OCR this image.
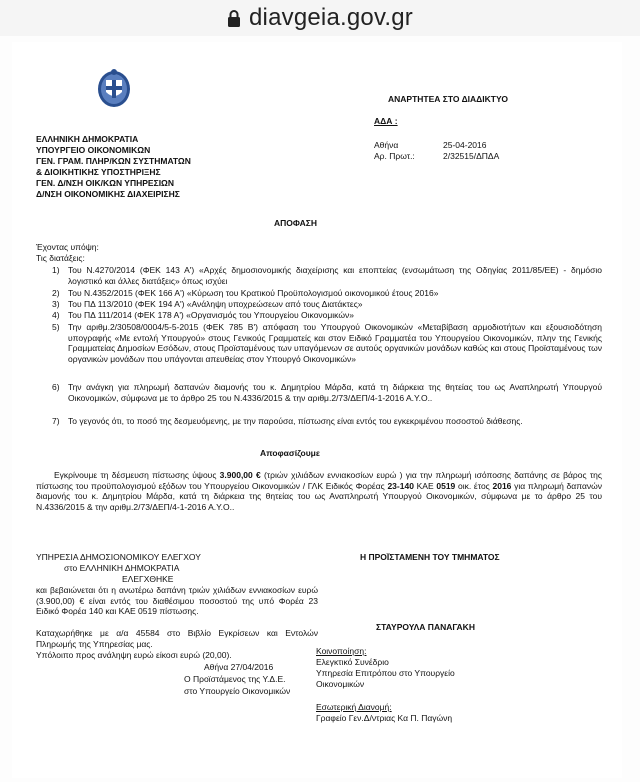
diavgeia.gov.gr
ΕΛΛΗΝΙΚΗ ΔΗΜΟΚΡΑΤΙΑ
ΥΠΟΥΡΓΕΙΟ ΟΙΚΟΝΟΜΙΚΩΝ
ΓΕΝ. ΓΡΑΜ. ΠΛΗΡ/ΚΩΝ ΣΥΣΤΗΜΑΤΩΝ
& ΔΙΟΙΚΗΤΙΚΗΣ ΥΠΟΣΤΗΡΙΞΗΣ
ΓΕΝ. Δ/ΝΣΗ ΟΙΚ/ΚΩΝ ΥΠΗΡΕΣΙΩΝ
Δ/ΝΣΗ ΟΙΚΟΝΟΜΙΚΗΣ ΔΙΑΧΕΙΡΙΣΗΣ
ΑΝΑΡΤΗΤΕΑ ΣΤΟ ΔΙΑΔΙΚΤΥΟ
ΑΔΑ :
Αθήνα	25-04-2016
Αρ. Πρωτ.:	2/32515/ΔΠΔΑ
ΑΠΟΦΑΣΗ
Έχοντας υπόψη:
Τις διατάξεις:
1) Του Ν.4270/2014 (ΦΕΚ 143 Α') «Αρχές δημοσιονομικής διαχείρισης και εποπτείας (ενσωμάτωση της Οδηγίας 2011/85/ΕΕ) - δημόσιο λογιστικό και άλλες διατάξεις» όπως ισχύει
2) Του Ν.4352/2015 (ΦΕΚ 166 Α') «Κύρωση του Κρατικού Προϋπολογισμού οικονομικού έτους 2016»
3) Του ΠΔ 113/2010 (ΦΕΚ 194 Α') «Ανάληψη υποχρεώσεων από τους Διατάκτες»
4) Του ΠΔ 111/2014 (ΦΕΚ 178 Α') «Οργανισμός του Υπουργείου Οικονομικών»
5) Την αριθμ.2/30508/0004/5-5-2015 (ΦΕΚ 785 Β') απόφαση του Υπουργού Οικονομικών «Μεταβίβαση αρμοδιοτήτων και εξουσιοδότηση υπογραφής «Με εντολή Υπουργού» στους Γενικούς Γραμματείς και στον Ειδικό Γραμματέα του Υπουργείου Οικονομικών, πλην της Γενικής Γραμματείας Δημοσίων Εσόδων, στους Προϊσταμένους των υπαγόμενων σε αυτούς οργανικών μονάδων καθώς και στους Προϊσταμένους των οργανικών μονάδων που υπάγονται απευθείας στον Υπουργό Οικονομικών»
6) Την ανάγκη για πληρωμή δαπανών διαμονής του κ. Δημητρίου Μάρδα, κατά τη διάρκεια της θητείας του ως Αναπληρωτή Υπουργού Οικονομικών, σύμφωνα με το άρθρο 25 του Ν.4336/2015 & την αριθμ.2/73/ΔΕΠ/4-1-2016 Α.Υ.Ο..
7) Το γεγονός ότι, το ποσό της δεσμευόμενης, με την παρούσα, πίστωσης είναι εντός του εγκεκριμένου ποσοστού διάθεσης.
Αποφασίζουμε
Εγκρίνουμε τη δέσμευση πίστωσης ύψους 3.900,00 € (τριών χιλιάδων εννιακοσίων ευρώ ) για την πληρωμή ισόποσης δαπάνης σε βάρος της πίστωσης του προϋπολογισμού εξόδων του Υπουργείου Οικονομικών / ΓΛΚ Ειδικός Φορέας 23-140 ΚΑΕ 0519 οικ. έτος 2016 για πληρωμή δαπανών διαμονής του κ. Δημητρίου Μάρδα, κατά τη διάρκεια της θητείας του ως Αναπληρωτή Υπουργού Οικονομικών, σύμφωνα με το άρθρο 25 του Ν.4336/2015 & την αριθμ.2/73/ΔΕΠ/4-1-2016 Α.Υ.Ο..
ΥΠΗΡΕΣΙΑ ΔΗΜΟΣΙΟΝΟΜΙΚΟΥ ΕΛΕΓΧΟΥ
στο ΕΛΛΗΝΙΚΗ ΔΗΜΟΚΡΑΤΙΑ
ΕΛΕΓΧΘΗΚΕ
και βεβαιώνεται ότι η ανωτέρω δαπάνη τριών χιλιάδων εννιακοσίων ευρώ (3.900,00) € είναι εντός του διαθέσιμου ποσοστού της υπό Φορέα 23 Ειδικό Φορέα 140 και ΚΑΕ 0519 πίστωσης.
Καταχωρήθηκε με α/α 45584 στο Βιβλίο Εγκρίσεων και Εντολών Πληρωμής της Υπηρεσίας μας.
Υπόλοιπο προς ανάληψη ευρώ είκοσι ευρώ (20,00).
Αθήνα 27/04/2016
Ο Προϊστάμενος της Υ.Δ.Ε.
στο Υπουργείο Οικονομικών
Η ΠΡΟΪΣΤΑΜΕΝΗ ΤΟΥ ΤΜΗΜΑΤΟΣ
ΣΤΑΥΡΟΥΛΑ ΠΑΝΑΓΑΚΗ
Κοινοποίηση:
Ελεγκτικό Συνέδριο
Υπηρεσία Επιτρόπου στο Υπουργείο
Οικονομικών
Εσωτερική Διανομή:
Γραφείο Γεν.Δ/ντριας Κα Π. Παγώνη
